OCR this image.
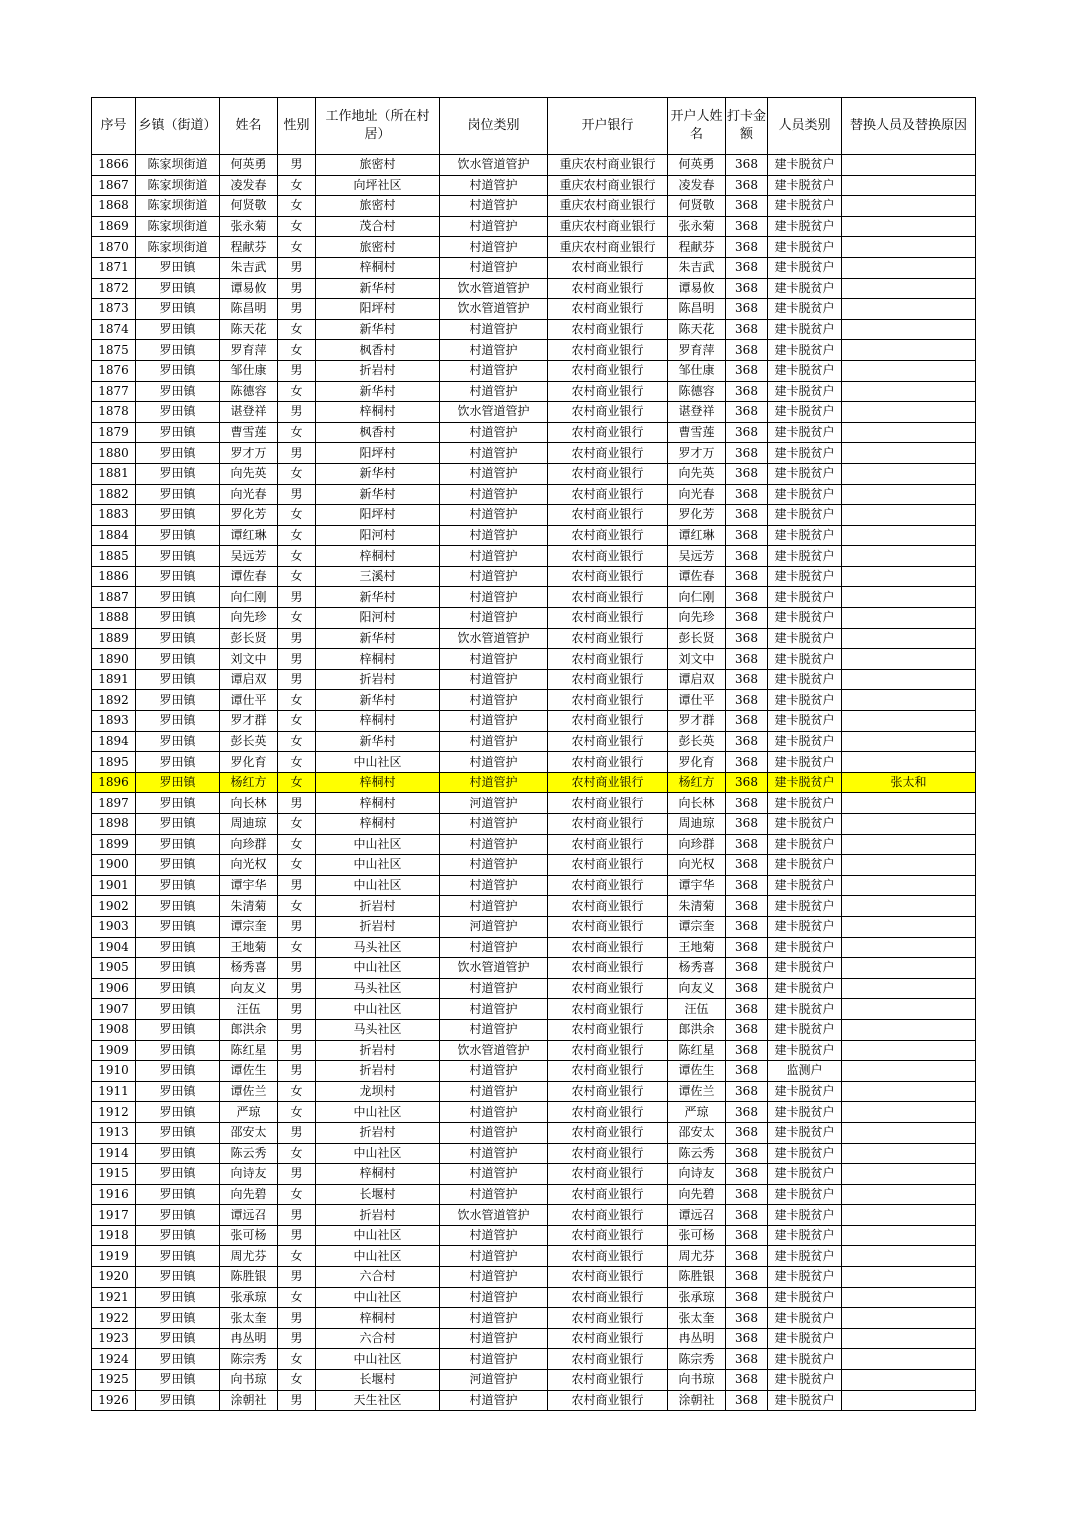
序号	乡镇（街道）	姓名	性别	工作地址（所在村居）	岗位类别	开户银行	开户人姓名	打卡金额	人员类别	替换人员及替换原因
1866	陈家坝街道	何英勇	男	旅密村	饮水管道管护	重庆农村商业银行	何英勇	368	建卡脱贫户	
1867	陈家坝街道	凌发春	女	向坪社区	村道管护	重庆农村商业银行	凌发春	368	建卡脱贫户	
1868	陈家坝街道	何贤敬	女	旅密村	村道管护	重庆农村商业银行	何贤敬	368	建卡脱贫户	
1869	陈家坝街道	张永菊	女	茂合村	村道管护	重庆农村商业银行	张永菊	368	建卡脱贫户	
1870	陈家坝街道	程献芬	女	旅密村	村道管护	重庆农村商业银行	程献芬	368	建卡脱贫户	
1871	罗田镇	朱吉武	男	梓桐村	村道管护	农村商业银行	朱吉武	368	建卡脱贫户	
1872	罗田镇	谭易攸	男	新华村	饮水管道管护	农村商业银行	谭易攸	368	建卡脱贫户	
1873	罗田镇	陈昌明	男	阳坪村	饮水管道管护	农村商业银行	陈昌明	368	建卡脱贫户	
1874	罗田镇	陈天花	女	新华村	村道管护	农村商业银行	陈天花	368	建卡脱贫户	
1875	罗田镇	罗育萍	女	枫香村	村道管护	农村商业银行	罗育萍	368	建卡脱贫户	
1876	罗田镇	邹仕康	男	折岩村	村道管护	农村商业银行	邹仕康	368	建卡脱贫户	
1877	罗田镇	陈德容	女	新华村	村道管护	农村商业银行	陈德容	368	建卡脱贫户	
1878	罗田镇	谌登祥	男	梓桐村	饮水管道管护	农村商业银行	谌登祥	368	建卡脱贫户	
1879	罗田镇	曹雪莲	女	枫香村	村道管护	农村商业银行	曹雪莲	368	建卡脱贫户	
1880	罗田镇	罗才万	男	阳坪村	村道管护	农村商业银行	罗才万	368	建卡脱贫户	
1881	罗田镇	向先英	女	新华村	村道管护	农村商业银行	向先英	368	建卡脱贫户	
1882	罗田镇	向光春	男	新华村	村道管护	农村商业银行	向光春	368	建卡脱贫户	
1883	罗田镇	罗化芳	女	阳坪村	村道管护	农村商业银行	罗化芳	368	建卡脱贫户	
1884	罗田镇	谭红琳	女	阳河村	村道管护	农村商业银行	谭红琳	368	建卡脱贫户	
1885	罗田镇	吴远芳	女	梓桐村	村道管护	农村商业银行	吴远芳	368	建卡脱贫户	
1886	罗田镇	谭佐春	女	三溪村	村道管护	农村商业银行	谭佐春	368	建卡脱贫户	
1887	罗田镇	向仁刚	男	新华村	村道管护	农村商业银行	向仁刚	368	建卡脱贫户	
1888	罗田镇	向先珍	女	阳河村	村道管护	农村商业银行	向先珍	368	建卡脱贫户	
1889	罗田镇	彭长贤	男	新华村	饮水管道管护	农村商业银行	彭长贤	368	建卡脱贫户	
1890	罗田镇	刘文中	男	梓桐村	村道管护	农村商业银行	刘文中	368	建卡脱贫户	
1891	罗田镇	谭启双	男	折岩村	村道管护	农村商业银行	谭启双	368	建卡脱贫户	
1892	罗田镇	谭仕平	女	新华村	村道管护	农村商业银行	谭仕平	368	建卡脱贫户	
1893	罗田镇	罗才群	女	梓桐村	村道管护	农村商业银行	罗才群	368	建卡脱贫户	
1894	罗田镇	彭长英	女	新华村	村道管护	农村商业银行	彭长英	368	建卡脱贫户	
1895	罗田镇	罗化育	女	中山社区	村道管护	农村商业银行	罗化育	368	建卡脱贫户	
1896	罗田镇	杨红方	女	梓桐村	村道管护	农村商业银行	杨红方	368	建卡脱贫户	张太和
1897	罗田镇	向长林	男	梓桐村	河道管护	农村商业银行	向长林	368	建卡脱贫户	
1898	罗田镇	周迪琼	女	梓桐村	村道管护	农村商业银行	周迪琼	368	建卡脱贫户	
1899	罗田镇	向珍群	女	中山社区	村道管护	农村商业银行	向珍群	368	建卡脱贫户	
1900	罗田镇	向光权	女	中山社区	村道管护	农村商业银行	向光权	368	建卡脱贫户	
1901	罗田镇	谭宇华	男	中山社区	村道管护	农村商业银行	谭宇华	368	建卡脱贫户	
1902	罗田镇	朱清菊	女	折岩村	村道管护	农村商业银行	朱清菊	368	建卡脱贫户	
1903	罗田镇	谭宗奎	男	折岩村	河道管护	农村商业银行	谭宗奎	368	建卡脱贫户	
1904	罗田镇	王地菊	女	马头社区	村道管护	农村商业银行	王地菊	368	建卡脱贫户	
1905	罗田镇	杨秀喜	男	中山社区	饮水管道管护	农村商业银行	杨秀喜	368	建卡脱贫户	
1906	罗田镇	向友义	男	马头社区	村道管护	农村商业银行	向友义	368	建卡脱贫户	
1907	罗田镇	汪伍	男	中山社区	村道管护	农村商业银行	汪伍	368	建卡脱贫户	
1908	罗田镇	郎洪余	男	马头社区	村道管护	农村商业银行	郎洪余	368	建卡脱贫户	
1909	罗田镇	陈红星	男	折岩村	饮水管道管护	农村商业银行	陈红星	368	建卡脱贫户	
1910	罗田镇	谭佐生	男	折岩村	村道管护	农村商业银行	谭佐生	368	监测户	
1911	罗田镇	谭佐兰	女	龙坝村	村道管护	农村商业银行	谭佐兰	368	建卡脱贫户	
1912	罗田镇	严琼	女	中山社区	村道管护	农村商业银行	严琼	368	建卡脱贫户	
1913	罗田镇	邵安太	男	折岩村	村道管护	农村商业银行	邵安太	368	建卡脱贫户	
1914	罗田镇	陈云秀	女	中山社区	村道管护	农村商业银行	陈云秀	368	建卡脱贫户	
1915	罗田镇	向诗友	男	梓桐村	村道管护	农村商业银行	向诗友	368	建卡脱贫户	
1916	罗田镇	向先碧	女	长堰村	村道管护	农村商业银行	向先碧	368	建卡脱贫户	
1917	罗田镇	谭远召	男	折岩村	饮水管道管护	农村商业银行	谭远召	368	建卡脱贫户	
1918	罗田镇	张可杨	男	中山社区	村道管护	农村商业银行	张可杨	368	建卡脱贫户	
1919	罗田镇	周尤芬	女	中山社区	村道管护	农村商业银行	周尤芬	368	建卡脱贫户	
1920	罗田镇	陈胜银	男	六合村	村道管护	农村商业银行	陈胜银	368	建卡脱贫户	
1921	罗田镇	张承琼	女	中山社区	村道管护	农村商业银行	张承琼	368	建卡脱贫户	
1922	罗田镇	张太奎	男	梓桐村	村道管护	农村商业银行	张太奎	368	建卡脱贫户	
1923	罗田镇	冉丛明	男	六合村	村道管护	农村商业银行	冉丛明	368	建卡脱贫户	
1924	罗田镇	陈宗秀	女	中山社区	村道管护	农村商业银行	陈宗秀	368	建卡脱贫户	
1925	罗田镇	向书琼	女	长堰村	河道管护	农村商业银行	向书琼	368	建卡脱贫户	
1926	罗田镇	涂朝社	男	天生社区	村道管护	农村商业银行	涂朝社	368	建卡脱贫户	
